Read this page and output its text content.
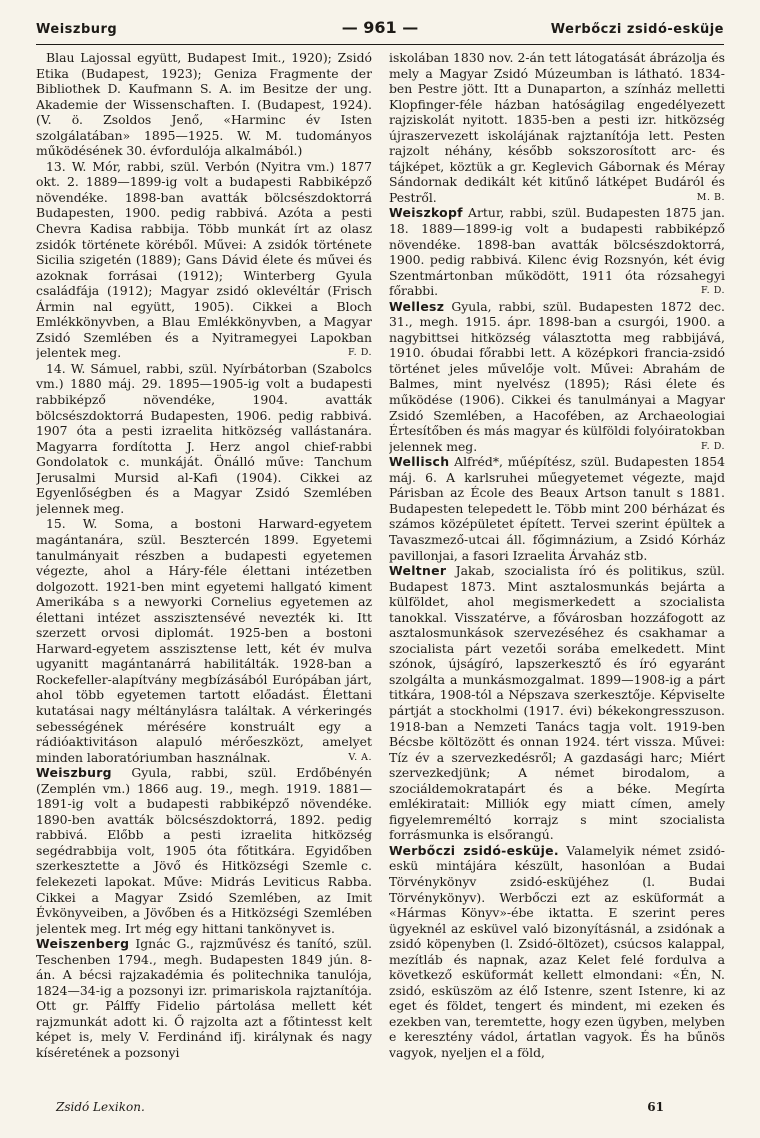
Weiszburg	— 961 —	Werbőczi zsidó-esküje

Blau Lajossal együtt, Budapest Imit., 1920); Zsidó Etika (Budapest, 1923); Geniza Fragmente der Bibliothek D. Kaufmann S. A. im Besitze der ung. Akademie der Wissenschaften. I. (Budapest, 1924). (V. ö. Zsoldos Jenő, «Harminc év Isten szolgálatában» 1895—1925. W. M. tudományos működésének 30. évfordulója alkalmából.)

13. W. Mór, rabbi, szül. Verbón (Nyitra vm.) 1877 okt. 2. 1889—1899-ig volt a budapesti Rabbiképző növendéke. 1898-ban avatták bölcsészdoktorrá Budapesten, 1900. pedig rabbivá. Azóta a pesti Chevra Kadisa rabbija. Több munkát írt az olasz zsidók története köréből. Művei: A zsidók története Sicilia szigetén (1889); Gans Dávid élete és művei és azoknak forrásai (1912); Winterberg Gyula családfája (1912); Magyar zsidó oklevéltár (Frisch Ármin nal együtt, 1905). Cikkei a Bloch Emlékkönyvben, a Blau Emlékkönyvben, a Magyar Zsidó Szemlében és a Nyitramegyei Lapokban jelentek meg.	F. D.

14. W. Sámuel, rabbi, szül. Nyírbátorban (Szabolcs vm.) 1880 máj. 29. 1895—1905-ig volt a budapesti rabbiképző növendéke, 1904. avatták bölcsészdoktorrá Budapesten, 1906. pedig rabbivá. 1907 óta a pesti izraelita hitközség vallástanára. Magyarra fordította J. Herz angol chief-rabbi Gondolatok c. munkáját. Önálló műve: Tanchum Jerusalmi Mursid al-Kafi (1904). Cikkei az Egyenlőségben és a Magyar Zsidó Szemlében jelennek meg.

15. W. Soma, a bostoni Harward-egyetem magántanára, szül. Besztercén 1899. Egyetemi tanulmányait részben a budapesti egyetemen végezte, ahol a Háry-féle élettani intézetben dolgozott. 1921-ben mint egyetemi hallgató kiment Amerikába s a newyorki Cornelius egyetemen az élettani intézet asszisztensévé nevezték ki. Itt szerzett orvosi diplomát. 1925-ben a bostoni Harward-egyetem asszisztense lett, két év mulva ugyanitt magántanárrá habilitálták. 1928-ban a Rockefeller-alapítvány megbízásából Európában járt, ahol több egyetemen tartott előadást. Élettani kutatásai nagy méltánylásra találtak. A vérkeringés sebességének mérésére konstruált egy a rádióaktivitáson alapuló mérőeszközt, amelyet minden laboratóriumban használnak.	V. A.

Weiszburg Gyula, rabbi, szül. Erdőbényén (Zemplén vm.) 1866 aug. 19., megh. 1919. 1881—1891-ig volt a budapesti rabbiképző növendéke. 1890-ben avatták bölcsészdoktorrá, 1892. pedig rabbivá. Előbb a pesti izraelita hitközség segédrabbija volt, 1905 óta főtitkára. Egyidőben szerkesztette a Jövő és Hitközségi Szemle c. felekezeti lapokat. Műve: Midrás Leviticus Rabba. Cikkei a Magyar Zsidó Szemlében, az Imit Évkönyveiben, a Jövőben és a Hitközségi Szemlében jelentek meg. Irt még egy hittani tankönyvet is.

Weiszenberg Ignác G., rajzművész és tanító, szül. Teschenben 1794., megh. Budapesten 1849 jún. 8-án. A bécsi rajzakadémia és politechnika tanulója, 1824—34-ig a pozsonyi izr. primariskola rajztanítója. Ott gr. Pálffy Fidelio pártolása mellett két rajzmunkát adott ki. Ő rajzolta azt a főtintesst kelt képet is, mely V. Ferdinánd ifj. királynak és nagy kíséretének a pozsonyi

iskolában 1830 nov. 2-án tett látogatását ábrázolja és mely a Magyar Zsidó Múzeumban is látható. 1834-ben Pestre jött. Itt a Dunaparton, a színház melletti Klopfinger-féle házban hatóságilag engedélyezett rajziskolát nyitott. 1835-ben a pesti izr. hitközség újraszervezett iskolájának rajztanítója lett. Pesten rajzolt néhány, később sokszorosított arc- és tájképet, köztük a gr. Keglevich Gábornak és Méray Sándornak dedikált két kitűnő látképet Budáról és Pestről.	M. B.

Weiszkopf Artur, rabbi, szül. Budapesten 1875 jan. 18. 1889—1899-ig volt a budapesti rabbiképző növendéke. 1898-ban avatták bölcsészdoktorrá, 1900. pedig rabbivá. Kilenc évig Rozsnyón, két évig Szentmártonban működött, 1911 óta rózsahegyi főrabbi.	F. D.

Wellesz Gyula, rabbi, szül. Budapesten 1872 dec. 31., megh. 1915. ápr. 1898-ban a csurgói, 1900. a nagybittsei hitközség választotta meg rabbijává, 1910. óbudai főrabbi lett. A középkori francia-zsidó történet jeles művelője volt. Művei: Abrahám de Balmes, mint nyelvész (1895); Rási élete és működése (1906). Cikkei és tanulmányai a Magyar Zsidó Szemlében, a Hacofében, az Archaeologiai Értesítőben és más magyar és külföldi folyóiratokban jelennek meg.	F. D.

Wellisch Alfréd*, műépítész, szül. Budapesten 1854 máj. 6. A karlsruhei műegyetemet végezte, majd Párisban az École des Beaux Artson tanult s 1881. Budapesten telepedett le. Több mint 200 bérházat és számos középületet épített. Tervei szerint épültek a Tavaszmező-utcai áll. főgimnázium, a Zsidó Kórház pavillonjai, a fasori Izraelita Árvaház stb.

Weltner Jakab, szocialista író és politikus, szül. Budapest 1873. Mint asztalosmunkás bejárta a külföldet, ahol megismerkedett a szocialista tanokkal. Visszatérve, a fővárosban hozzáfogott az asztalosmunkások szervezéséhez és csakhamar a szocialista párt vezetői sorába emelkedett. Mint szónok, újságíró, lapszerkesztő és író egyaránt szolgálta a munkásmozgalmat. 1899—1908-ig a párt titkára, 1908-tól a Népszava szerkesztője. Képviselte pártját a stockholmi (1917. évi) békekongresszuson. 1918-ban a Nemzeti Tanács tagja volt. 1919-ben Bécsbe költözött és onnan 1924. tért vissza. Művei: Tíz év a szervezkedésről; A gazdasági harc; Miért szervezkedjünk; A német birodalom, a szociáldemokratapárt és a béke. Megírta emlékiratait: Milliók egy miatt címen, amely figyelemreméltó korrajz s mint szocialista forrásmunka is elsőrangú.

Werbőczi zsidó-esküje. Valamelyik német zsidó-eskü mintájára készült, hasonlóan a Budai Törvénykönyv zsidó-esküjéhez (l. Budai Törvénykönyv). Werbőczi ezt az esküformát a «Hármas Könyv»-ébe iktatta. E szerint peres ügyeknél az esküvel való bizonyításnál, a zsidónak a zsidó köpenyben (l. Zsidó-öltözet), csúcsos kalappal, mezítláb és napnak, azaz Kelet felé fordulva a következő esküformát kellett elmondani: «Én, N. zsidó, esküszöm az élő Istenre, szent Istenre, ki az eget és földet, tengert és mindent, mi ezeken és ezekben van, teremtette, hogy ezen ügyben, melyben e keresztény vádol, ártatlan vagyok. És ha bűnös vagyok, nyeljen el a föld,

Zsidó Lexikon.	61
